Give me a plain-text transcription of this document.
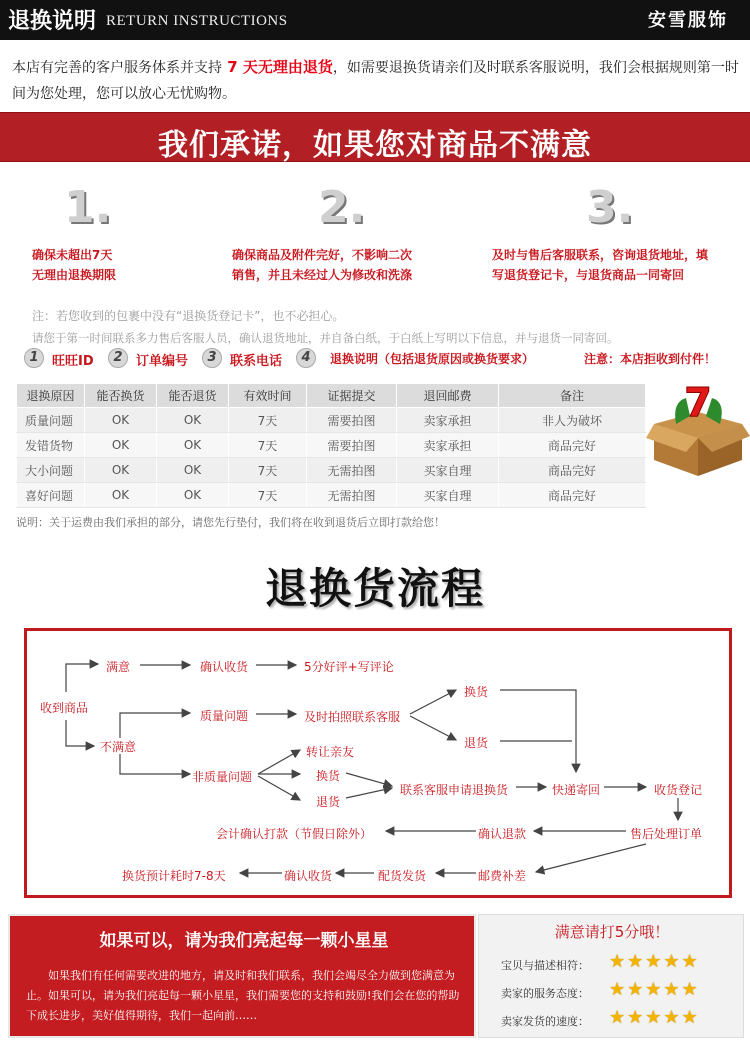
退换说明 RETURN INSTRUCTIONS	安雪服饰
本店有完善的客户服务体系并支持 7 天无理由退货，如需要退换货请亲们及时联系客服说明，我们会根据规则第一时间为您处理，您可以放心无忧购物。
我们承诺，如果您对商品不满意
1.
确保未超出7天
无理由退换期限
2.
确保商品及附件完好，不影响二次
销售，并且未经过人为修改和洗涤
3.
及时与售后客服联系，咨询退货地址，填
写退货登记卡，与退货商品一同寄回
注：若您收到的包裹中没有“退换货登记卡”，也不必担心。
请您于第一时间联系多力售后客服人员，确认退货地址，并自备白纸，于白纸上写明以下信息，并与退货一同寄回。
1	旺旺ID	2	订单编号	3	联系电话	4	退换说明（包括退货原因或换货要求）	注意：本店拒收到付件！
退换原因	能否换货	能否退货	有效时间	证据提交	退回邮费	备注
质量问题	OK	OK	7天	需要拍图	卖家承担	非人为破坏
发错货物	OK	OK	7天	需要拍图	卖家承担	商品完好
大小问题	OK	OK	7天	无需拍图	买家自理	商品完好
喜好问题	OK	OK	7天	无需拍图	买家自理	商品完好
7
说明：关于运费由我们承担的部分，请您先行垫付，我们将在收到退货后立即打款给您！
退换货流程
收到商品
满意	确认收货	5分好评+写评论
不满意
质量问题	及时拍照联系客服
换货
退货
非质量问题
转让亲友
换货
退货
联系客服申请退换货	快递寄回	收货登记
售后处理订单
确认退款
会计确认打款（节假日除外）
邮费补差
配货发货
确认收货
换货预计耗时7-8天
如果可以，请为我们亮起每一颗小星星
如果我们有任何需要改进的地方，请及时和我们联系，我们会竭尽全力做到您满意为止。如果可以，请为我们亮起每一颗小星星，我们需要您的支持和鼓励!我们会在您的帮助下成长进步，美好值得期待，我们一起向前……
满意请打5分哦！
宝贝与描述相符： ★★★★★
卖家的服务态度： ★★★★★
卖家发货的速度： ★★★★★
